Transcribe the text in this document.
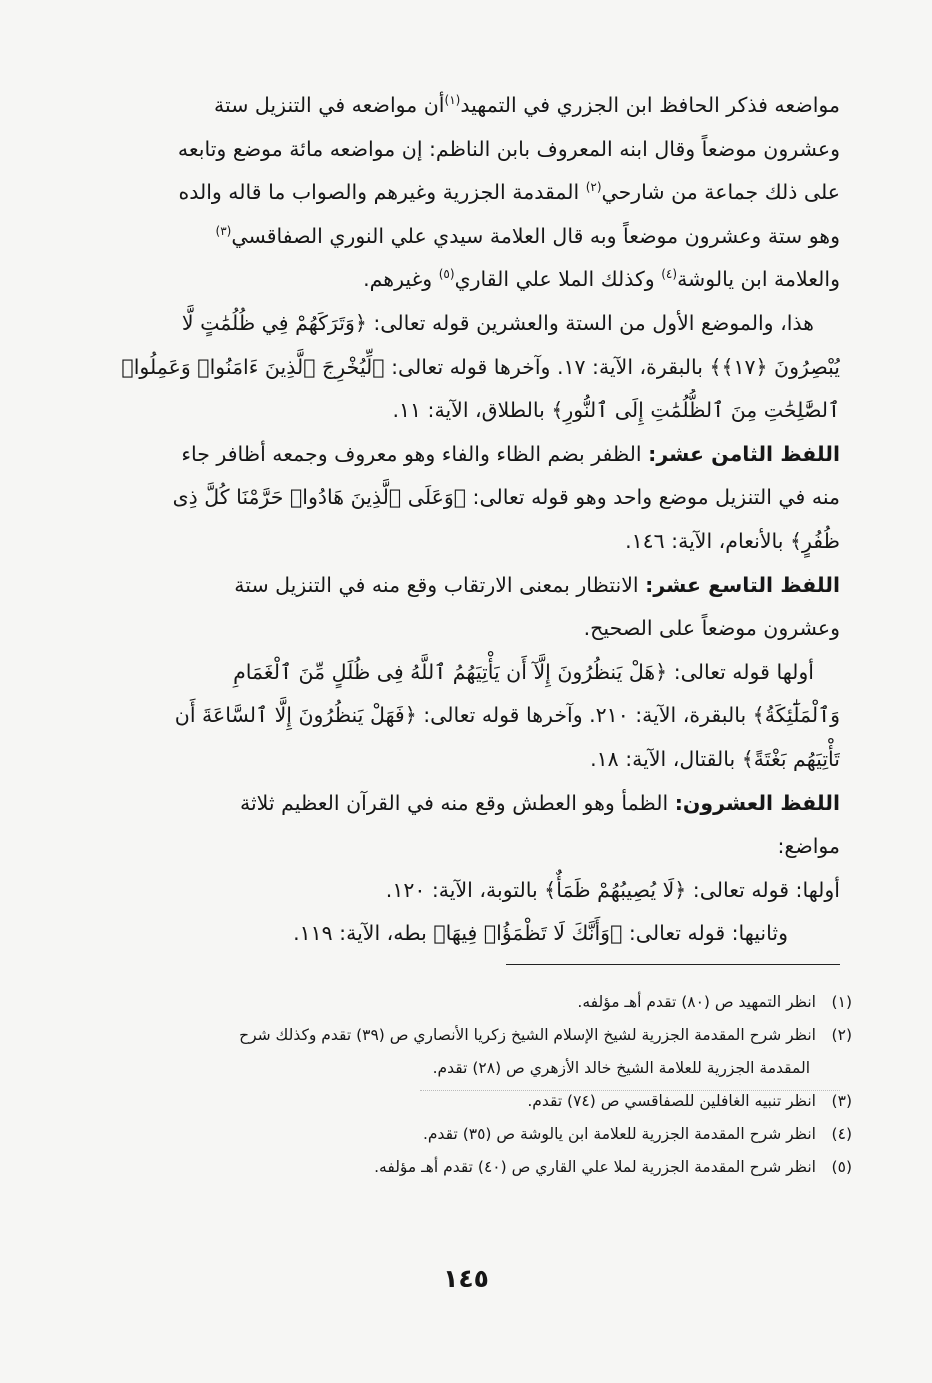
مواضعه فذكر الحافظ ابن الجزري في التمهيد$^{(١)}$أن مواضعه في التنزيل ستة
وعشرون موضعاً وقال ابنه المعروف بابن الناظم: إن مواضعه مائة موضع وتابعه
على ذلك جماعة من شارحي$^{(٢)}$ المقدمة الجزرية وغيرهم والصواب ما قاله والده
وهو ستة وعشرون موضعاً وبه قال العلامة سيدي علي النوري الصفاقسي$^{(٣)}$
والعلامة ابن يالوشة$^{(٤)}$ وكذلك الملا علي القاري$^{(٥)}$ وغيرهم.
هذا، والموضع الأول من الستة والعشرين قوله تعالى: ﴿وَتَرَكَهُمْ فِي ظُلُمَٰتٍ لَّا
يُبْصِرُونَ ﴿١٧﴾﴾ بالبقرة، الآية: ١٧. وآخرها قوله تعالى: ﴿لِّيُخْرِجَ ٱلَّذِينَ ءَامَنُوا۟ وَعَمِلُوا۟
ٱلصَّٰلِحَٰتِ مِنَ ٱلظُّلُمَٰتِ إِلَى ٱلنُّورِ﴾ بالطلاق، الآية: ١١.
اللفظ الثامن عشر: الظفر بضم الظاء والفاء وهو معروف وجمعه أظافر جاء
منه في التنزيل موضع واحد وهو قوله تعالى: ﴿وَعَلَى ٱلَّذِينَ هَادُوا۟ حَرَّمْنَا كُلَّ ذِى
ظُفُرٍ﴾ بالأنعام، الآية: ١٤٦.
اللفظ التاسع عشر: الانتظار بمعنى الارتقاب وقع منه في التنزيل ستة
وعشرون موضعاً على الصحيح.
أولها قوله تعالى: ﴿هَلْ يَنظُرُونَ إِلَّآ أَن يَأْتِيَهُمُ ٱللَّهُ فِى ظُلَلٍ مِّنَ ٱلْغَمَامِ
وَٱلْمَلَٰٓئِكَةُ﴾ بالبقرة، الآية: ٢١٠. وآخرها قوله تعالى: ﴿فَهَلْ يَنظُرُونَ إِلَّا ٱلسَّاعَةَ أَن
تَأْتِيَهُم بَغْتَةً﴾ بالقتال، الآية: ١٨.
اللفظ العشرون: الظمأ وهو العطش وقع منه في القرآن العظيم ثلاثة
مواضع:
أولها: قوله تعالى: ﴿لَا يُصِيبُهُمْ ظَمَأٌ﴾ بالتوبة، الآية: ١٢٠.
وثانيها: قوله تعالى: ﴿وَأَنَّكَ لَا تَظْمَؤُا۟ فِيهَا﴾ بطه، الآية: ١١٩.
(١)انظر التمهيد ص (٨٠) تقدم أهـ مؤلفه.
(٢)انظر شرح المقدمة الجزرية لشيخ الإسلام الشيخ زكريا الأنصاري ص (٣٩) تقدم وكذلك شرح
المقدمة الجزرية للعلامة الشيخ خالد الأزهري ص (٢٨) تقدم.
(٣)انظر تنبيه الغافلين للصفاقسي ص (٧٤) تقدم.
(٤)انظر شرح المقدمة الجزرية للعلامة ابن يالوشة ص (٣٥) تقدم.
(٥)انظر شرح المقدمة الجزرية لملا علي القاري ص (٤٠) تقدم أهـ مؤلفه.
١٤٥
